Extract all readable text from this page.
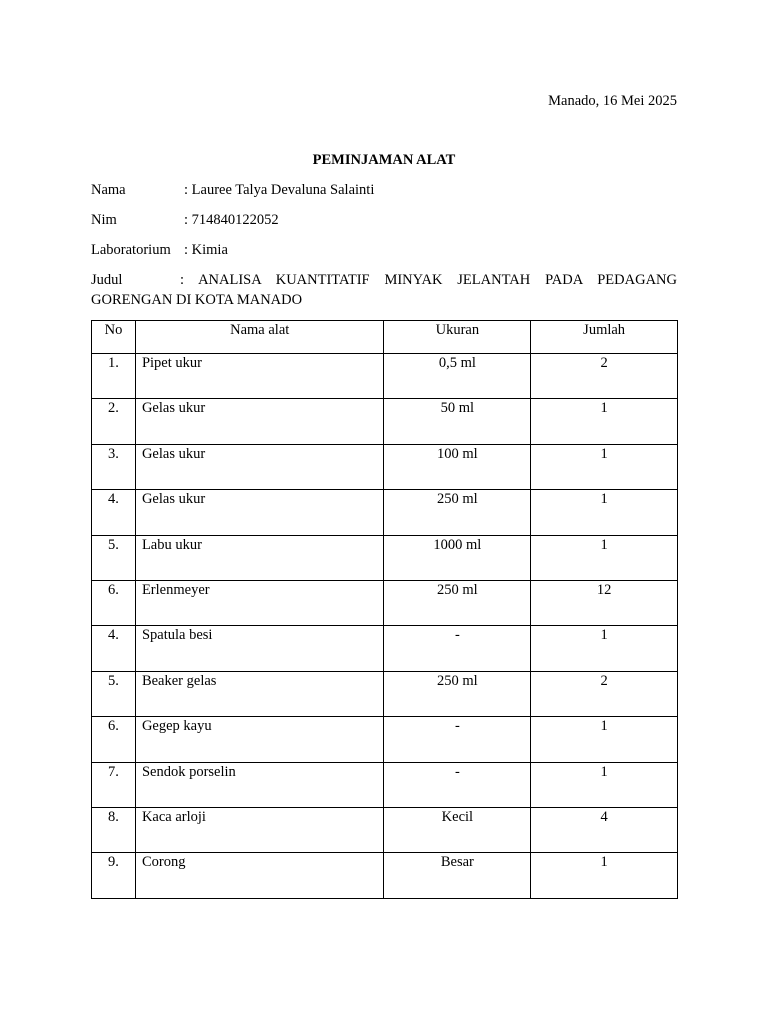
Manado, 16 Mei 2025
PEMINJAMAN ALAT
Nama	: Lauree Talya Devaluna Salainti
Nim	: 714840122052
Laboratorium : Kimia
Judul	: ANALISA KUANTITATIF MINYAK JELANTAH PADA PEDAGANG GORENGAN DI KOTA MANADO
No	Nama alat	Ukuran	Jumlah
1.	Pipet ukur	0,5 ml	2
2.	Gelas ukur	50 ml	1
3.	Gelas ukur	100 ml	1
4.	Gelas ukur	250 ml	1
5.	Labu ukur	1000 ml	1
6.	Erlenmeyer	250 ml	12
4.	Spatula besi	-	1
5.	Beaker gelas	250 ml	2
6.	Gegep kayu	-	1
7.	Sendok porselin	-	1
8.	Kaca arloji	Kecil	4
9.	Corong	Besar	1
